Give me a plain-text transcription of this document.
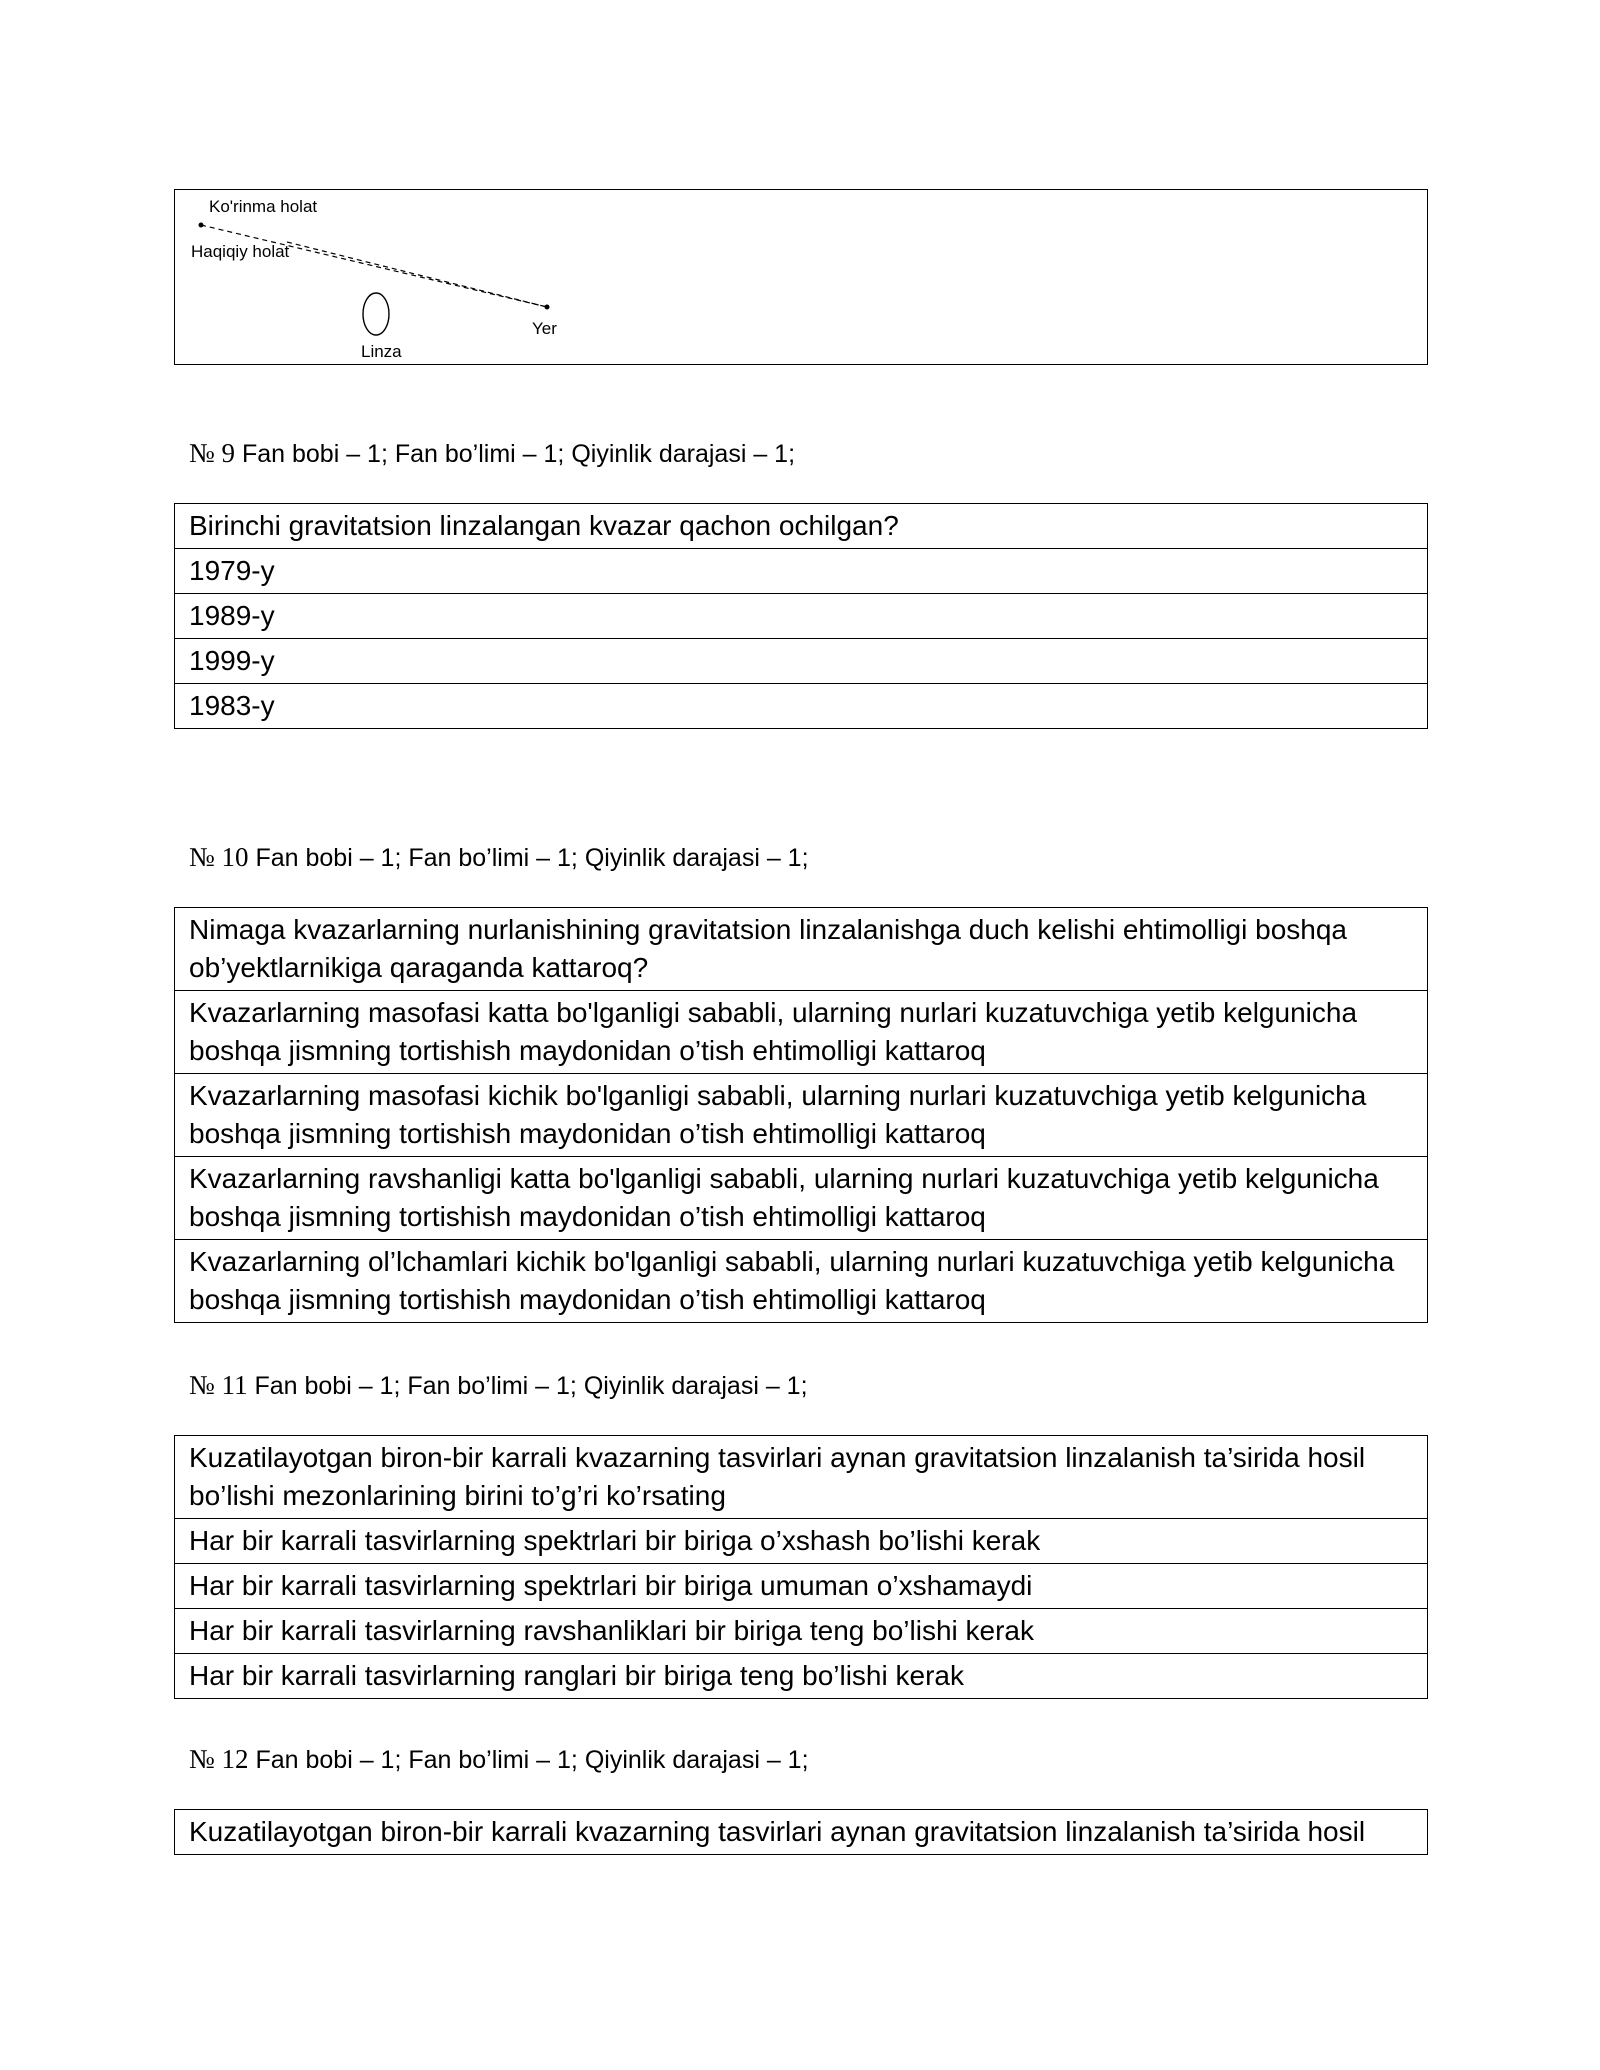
Ko'rinma holat
Haqiqiy holat
Linza
Yer
№ 9 Fan bobi – 1; Fan bo’limi – 1; Qiyinlik darajasi – 1;
Birinchi gravitatsion linzalangan kvazar qachon ochilgan?
1979-y
1989-y
1999-y
1983-y
№ 10 Fan bobi – 1; Fan bo’limi – 1; Qiyinlik darajasi – 1;
Nimaga kvazarlarning nurlanishining gravitatsion linzalanishga duch kelishi ehtimolligi boshqa ob’yektlarnikiga qaraganda kattaroq?
Kvazarlarning masofasi katta bo'lganligi sababli, ularning nurlari kuzatuvchiga yetib kelgunicha boshqa jismning tortishish maydonidan o’tish ehtimolligi kattaroq
Kvazarlarning masofasi kichik bo'lganligi sababli, ularning nurlari kuzatuvchiga yetib kelgunicha boshqa jismning tortishish maydonidan o’tish ehtimolligi kattaroq
Kvazarlarning ravshanligi katta bo'lganligi sababli, ularning nurlari kuzatuvchiga yetib kelgunicha boshqa jismning tortishish maydonidan o’tish ehtimolligi kattaroq
Kvazarlarning ol’lchamlari kichik bo'lganligi sababli, ularning nurlari kuzatuvchiga yetib kelgunicha boshqa jismning tortishish maydonidan o’tish ehtimolligi kattaroq
№ 11 Fan bobi – 1; Fan bo’limi – 1; Qiyinlik darajasi – 1;
Kuzatilayotgan biron-bir karrali kvazarning tasvirlari aynan gravitatsion linzalanish ta’sirida hosil bo’lishi mezonlarining birini to’g’ri ko’rsating
Har bir karrali tasvirlarning spektrlari bir biriga o’xshash bo’lishi kerak
Har bir karrali tasvirlarning spektrlari bir biriga umuman o’xshamaydi
Har bir karrali tasvirlarning ravshanliklari bir biriga teng bo’lishi kerak
Har bir karrali tasvirlarning ranglari bir biriga teng bo’lishi kerak
№ 12 Fan bobi – 1; Fan bo’limi – 1; Qiyinlik darajasi – 1;
Kuzatilayotgan biron-bir karrali kvazarning tasvirlari aynan gravitatsion linzalanish ta’sirida hosil
